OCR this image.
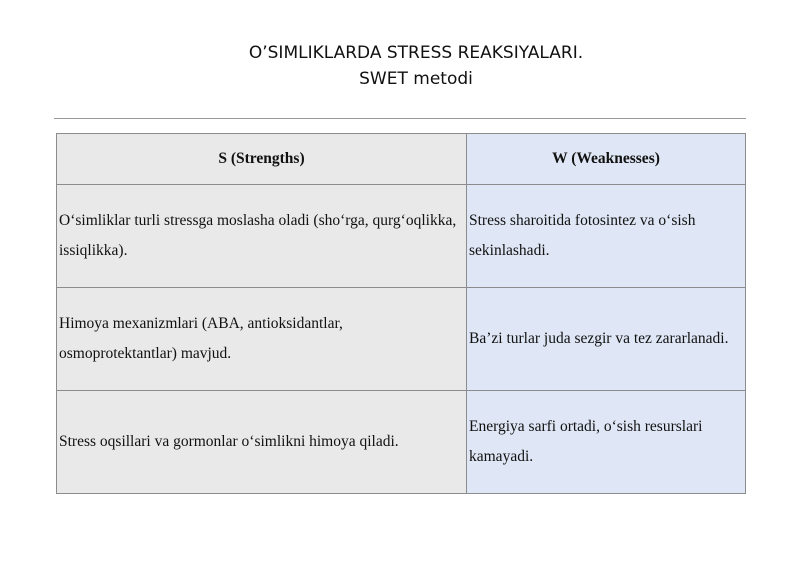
O’SIMLIKLARDA STRESS REAKSIYALARI.
SWET metodi
S (Strengths)	W (Weaknesses)
O‘simliklar turli stressga moslasha oladi (sho‘rga, qurg‘oqlikka, issiqlikka).	Stress sharoitida fotosintez va o‘sish sekinlashadi.
Himoya mexanizmlari (ABA, antioksidantlar, osmoprotektantlar) mavjud.	Ba’zi turlar juda sezgir va tez zararlanadi.
Stress oqsillari va gormonlar o‘simlikni himoya qiladi.	Energiya sarfi ortadi, o‘sish resurslari kamayadi.
